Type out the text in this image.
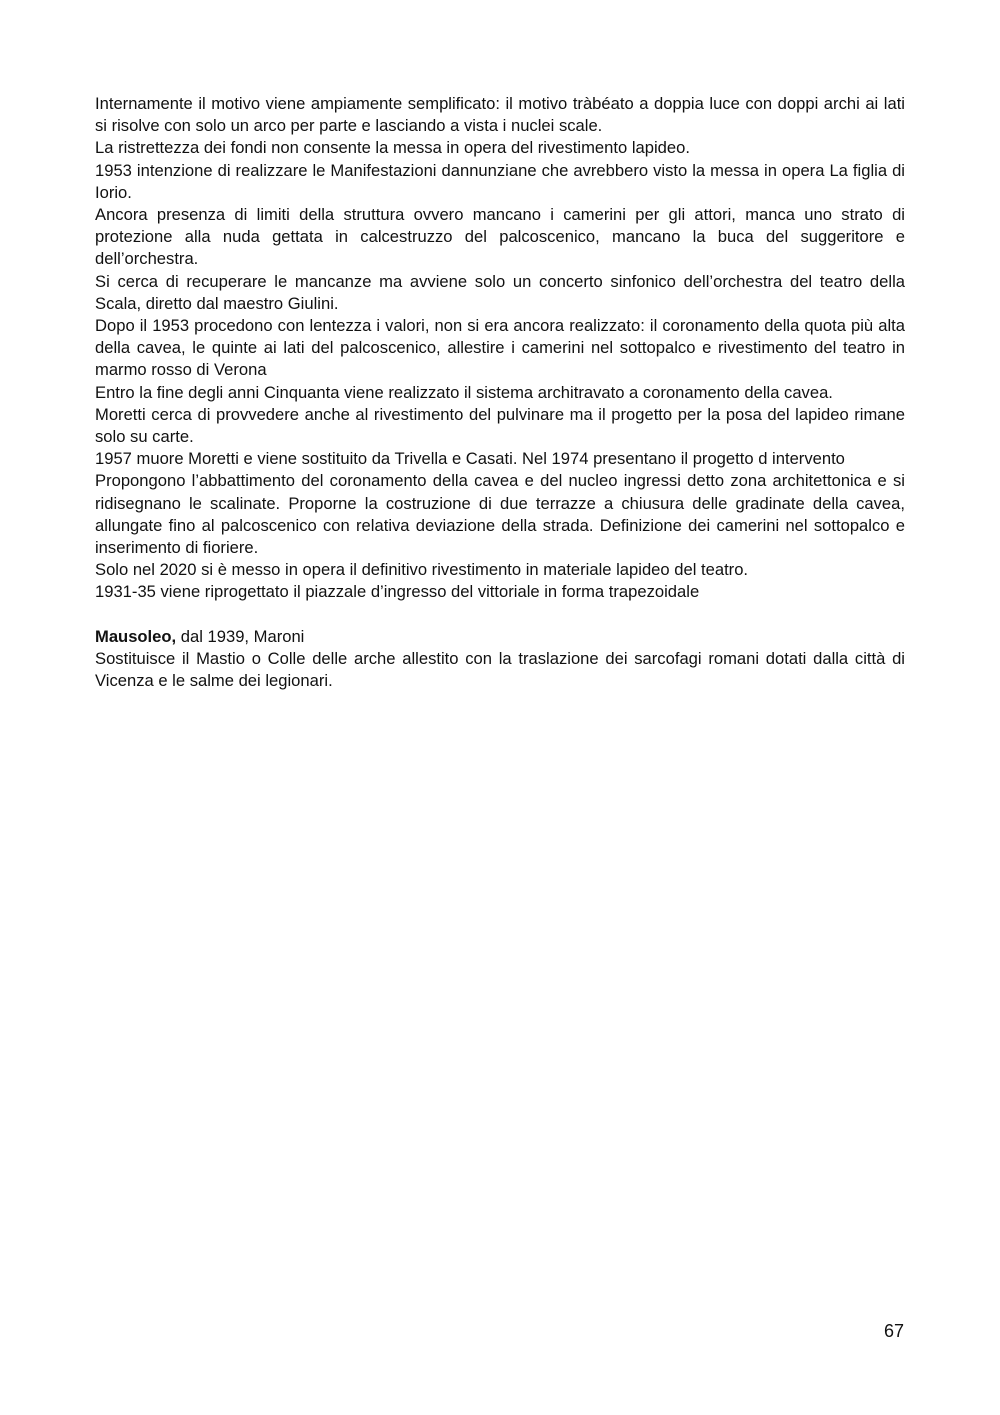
Internamente il motivo viene ampiamente semplificato: il motivo tràbéato a doppia luce con doppi archi ai lati si risolve con solo un arco per parte e lasciando a vista i nuclei scale.

La ristrettezza dei fondi non consente la messa in opera del rivestimento lapideo.

1953 intenzione di realizzare le Manifestazioni dannunziane che avrebbero visto la messa in opera La figlia di Iorio.

Ancora presenza di limiti della struttura ovvero mancano i camerini per gli attori, manca uno strato di protezione alla nuda gettata in calcestruzzo del palcoscenico, mancano la buca del suggeritore e dell’orchestra.

Si cerca di recuperare le mancanze ma avviene solo un concerto sinfonico dell’orchestra del teatro della Scala, diretto dal maestro Giulini.

Dopo il 1953 procedono con lentezza i valori, non si era ancora realizzato: il coronamento della quota più alta della cavea, le quinte ai lati del palcoscenico, allestire i camerini nel sottopalco e rivestimento del teatro in marmo rosso di Verona

Entro la fine degli anni Cinquanta viene realizzato il sistema architravato a coronamento della cavea.

Moretti cerca di provvedere anche al rivestimento del pulvinare ma il progetto per la posa del lapideo rimane solo su carte.

1957 muore Moretti e viene sostituito da Trivella e Casati. Nel 1974 presentano il progetto d intervento

Propongono l’abbattimento del coronamento della cavea e del nucleo ingressi detto zona architettonica e si ridisegnano le scalinate. Proporne la costruzione di due terrazze a chiusura delle gradinate della cavea, allungate fino al palcoscenico con relativa deviazione della strada. Definizione dei camerini nel sottopalco e inserimento di fioriere.

Solo nel 2020 si è messo in opera il definitivo rivestimento in materiale lapideo del teatro.

1931-35 viene riprogettato il piazzale d’ingresso del vittoriale in forma trapezoidale

Mausoleo, dal 1939, Maroni

Sostituisce il Mastio o Colle delle arche allestito con la traslazione dei sarcofagi romani dotati dalla città di Vicenza e le salme dei legionari.

67
